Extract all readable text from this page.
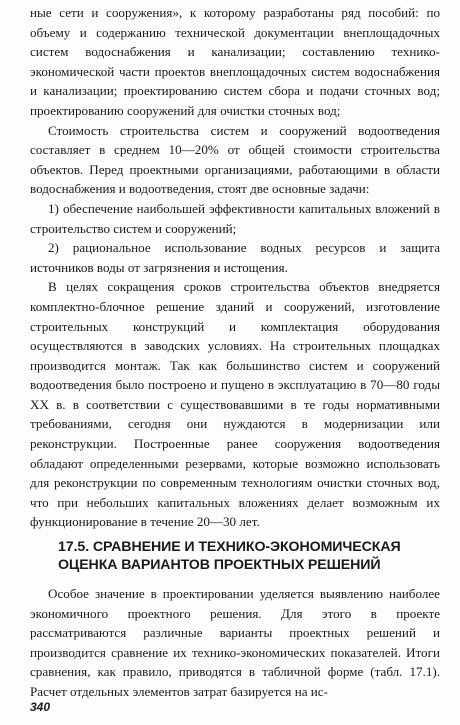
ные сети и сооружения», к которому разработаны ряд пособий: по объему и содержанию технической документации внеплощадочных систем водоснабжения и канализации; составлению технико-экономической части проектов внеплощадочных систем водоснабжения и канализации; проектированию систем сбора и подачи сточных вод; проектированию сооружений для очистки сточных вод;

Стоимость строительства систем и сооружений водоотведения составляет в среднем 10—20% от общей стоимости строительства объектов. Перед проектными организациями, работающими в области водоснабжения и водоотведения, стоят две основные задачи:

1) обеспечение наибольшей эффективности капитальных вложений в строительство систем и сооружений;

2) рациональное использование водных ресурсов и защита источников воды от загрязнения и истощения.

В целях сокращения сроков строительства объектов внедряется комплектно-блочное решение зданий и сооружений, изготовление строительных конструкций и комплектация оборудования осуществляются в заводских условиях. На строительных площадках производится монтаж. Так как большинство систем и сооружений водоотведения было построено и пущено в эксплуатацию в 70—80 годы XX в. в соответствии с существовавшими в те годы нормативными требованиями, сегодня они нуждаются в модернизации или реконструкции. Построенные ранее сооружения водоотведения обладают определенными резервами, которые возможно использовать для реконструкции по современным технологиям очистки сточных вод, что при небольших капитальных вложениях делает возможным их функционирование в течение 20—30 лет.

17.5. СРАВНЕНИЕ И ТЕХНИКО-ЭКОНОМИЧЕСКАЯ
ОЦЕНКА ВАРИАНТОВ ПРОЕКТНЫХ РЕШЕНИЙ

Особое значение в проектировании уделяется выявлению наиболее экономичного проектного решения. Для этого в проекте рассматриваются различные варианты проектных решений и производится сравнение их технико-экономических показателей. Итоги сравнения, как правило, приводятся в табличной форме (табл. 17.1). Расчет отдельных элементов затрат базируется на ис-

340
